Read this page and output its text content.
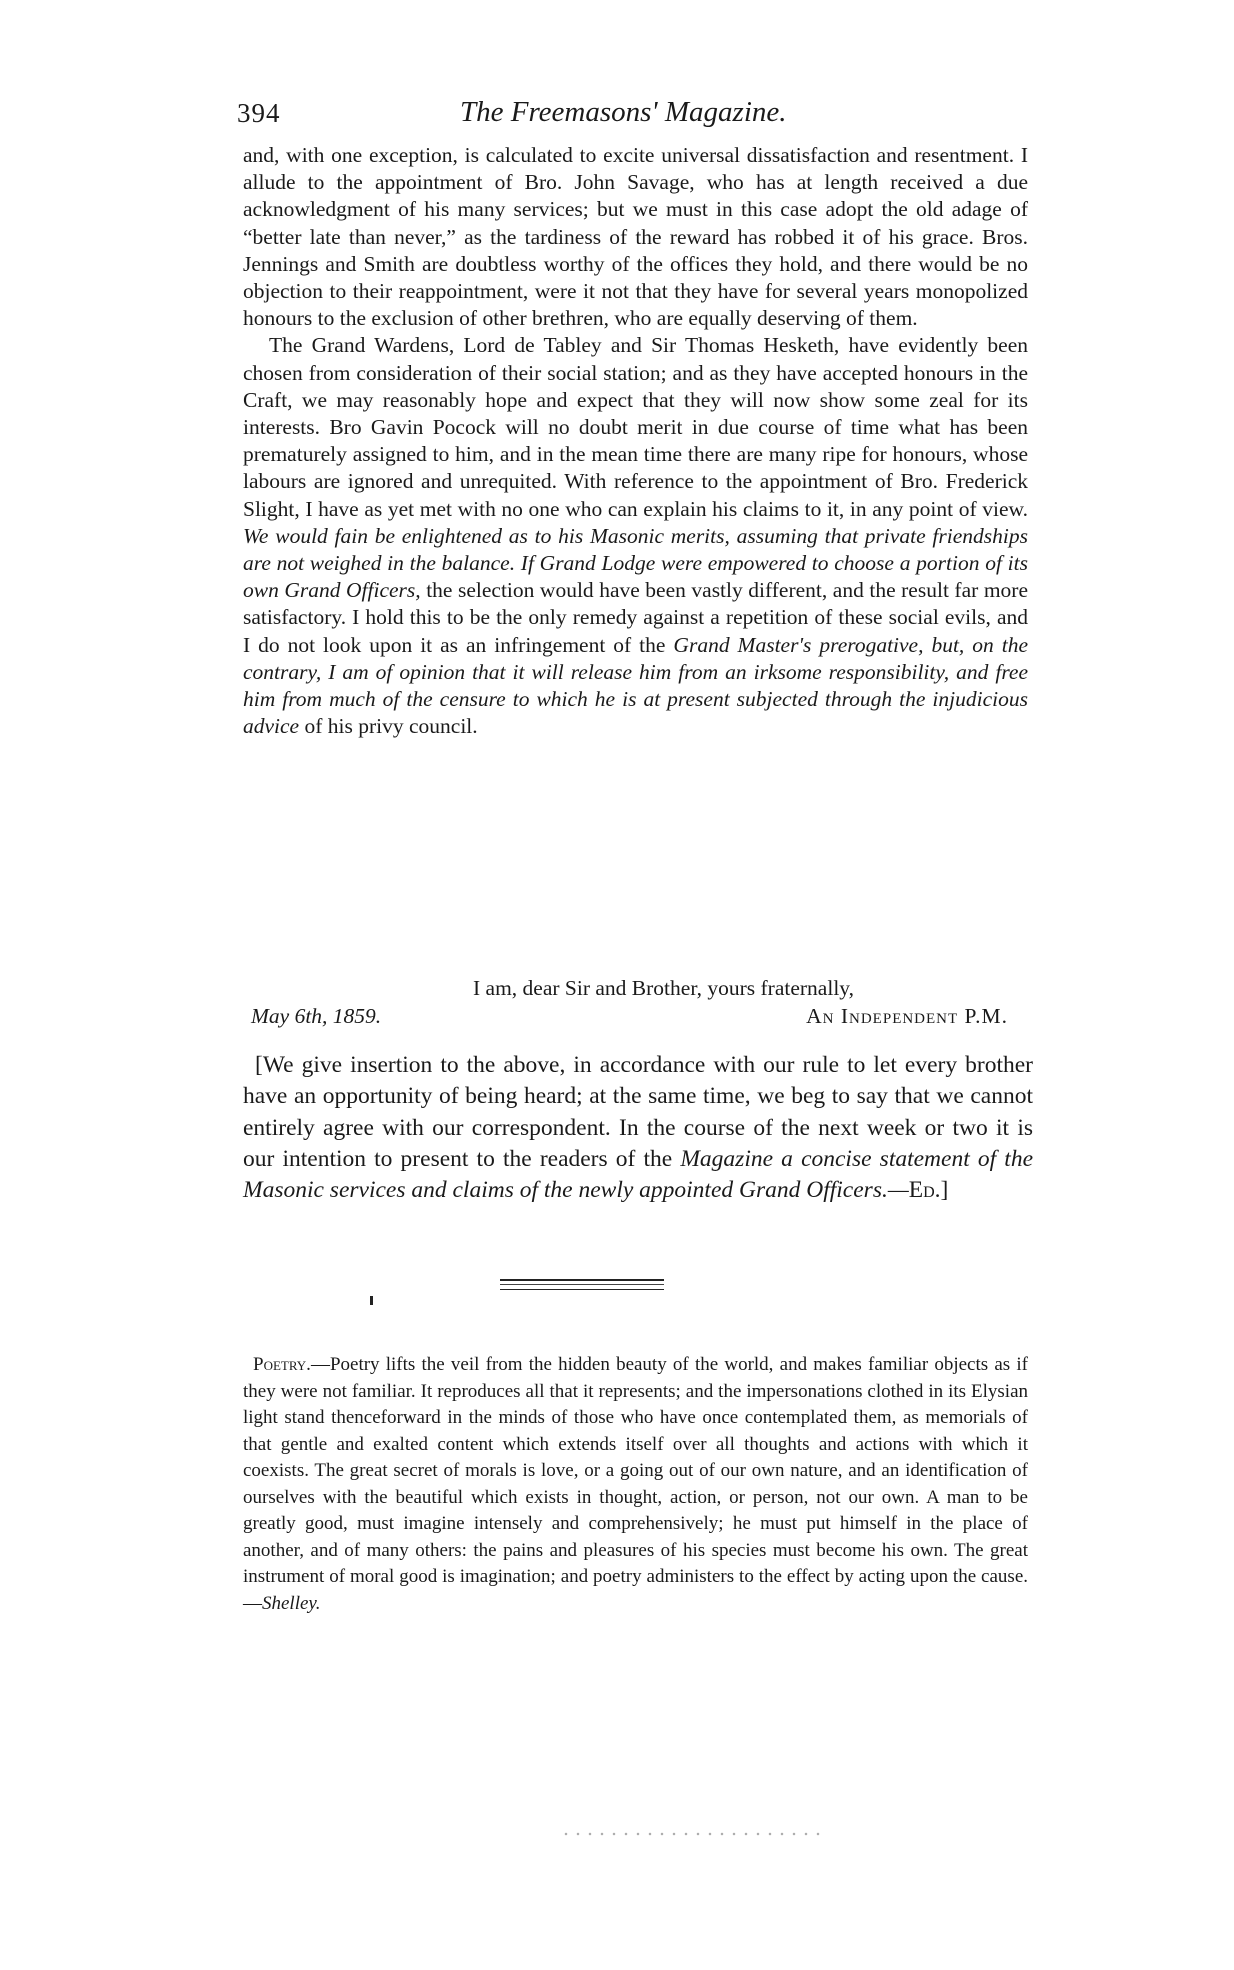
394	The Freemasons' Magazine.

and, with one exception, is calculated to excite universal dissatisfaction and resentment. I allude to the appointment of Bro. John Savage, who has at length received a due acknowledgment of his many services; but we must in this case adopt the old adage of “better late than never,” as the tardiness of the reward has robbed it of his grace. Bros. Jennings and Smith are doubtless worthy of the offices they hold, and there would be no objection to their reappointment, were it not that they have for several years monopolized honours to the exclusion of other brethren, who are equally deserving of them.

The Grand Wardens, Lord de Tabley and Sir Thomas Hesketh, have evidently been chosen from consideration of their social station; and as they have accepted honours in the Craft, we may reasonably hope and expect that they will now show some zeal for its interests. Bro Gavin Pocock will no doubt merit in due course of time what has been prematurely assigned to him, and in the mean time there are many ripe for honours, whose labours are ignored and unrequited. With reference to the appointment of Bro. Frederick Slight, I have as yet met with no one who can explain his claims to it, in any point of view. We would fain be enlightened as to his Masonic merits, assuming that private friendships are not weighed in the balance. If Grand Lodge were empowered to choose a portion of its own Grand Officers, the selection would have been vastly different, and the result far more satisfactory. I hold this to be the only remedy against a repetition of these social evils, and I do not look upon it as an infringement of the Grand Master's prerogative, but, on the contrary, I am of opinion that it will release him from an irksome responsibility, and free him from much of the censure to which he is at present subjected through the injudicious advice of his privy council.

I am, dear Sir and Brother, yours fraternally,
May 6th, 1859.	An Independent P.M.

[We give insertion to the above, in accordance with our rule to let every brother have an opportunity of being heard; at the same time, we beg to say that we cannot entirely agree with our correspondent. In the course of the next week or two it is our intention to present to the readers of the Magazine a concise statement of the Masonic services and claims of the newly appointed Grand Officers.—Ed.]

Poetry.—Poetry lifts the veil from the hidden beauty of the world, and makes familiar objects as if they were not familiar. It reproduces all that it represents; and the impersonations clothed in its Elysian light stand thenceforward in the minds of those who have once contemplated them, as memorials of that gentle and exalted content which extends itself over all thoughts and actions with which it coexists. The great secret of morals is love, or a going out of our own nature, and an identification of ourselves with the beautiful which exists in thought, action, or person, not our own. A man to be greatly good, must imagine intensely and comprehensively; he must put himself in the place of another, and of many others: the pains and pleasures of his species must become his own. The great instrument of moral good is imagination; and poetry administers to the effect by acting upon the cause.—Shelley.
